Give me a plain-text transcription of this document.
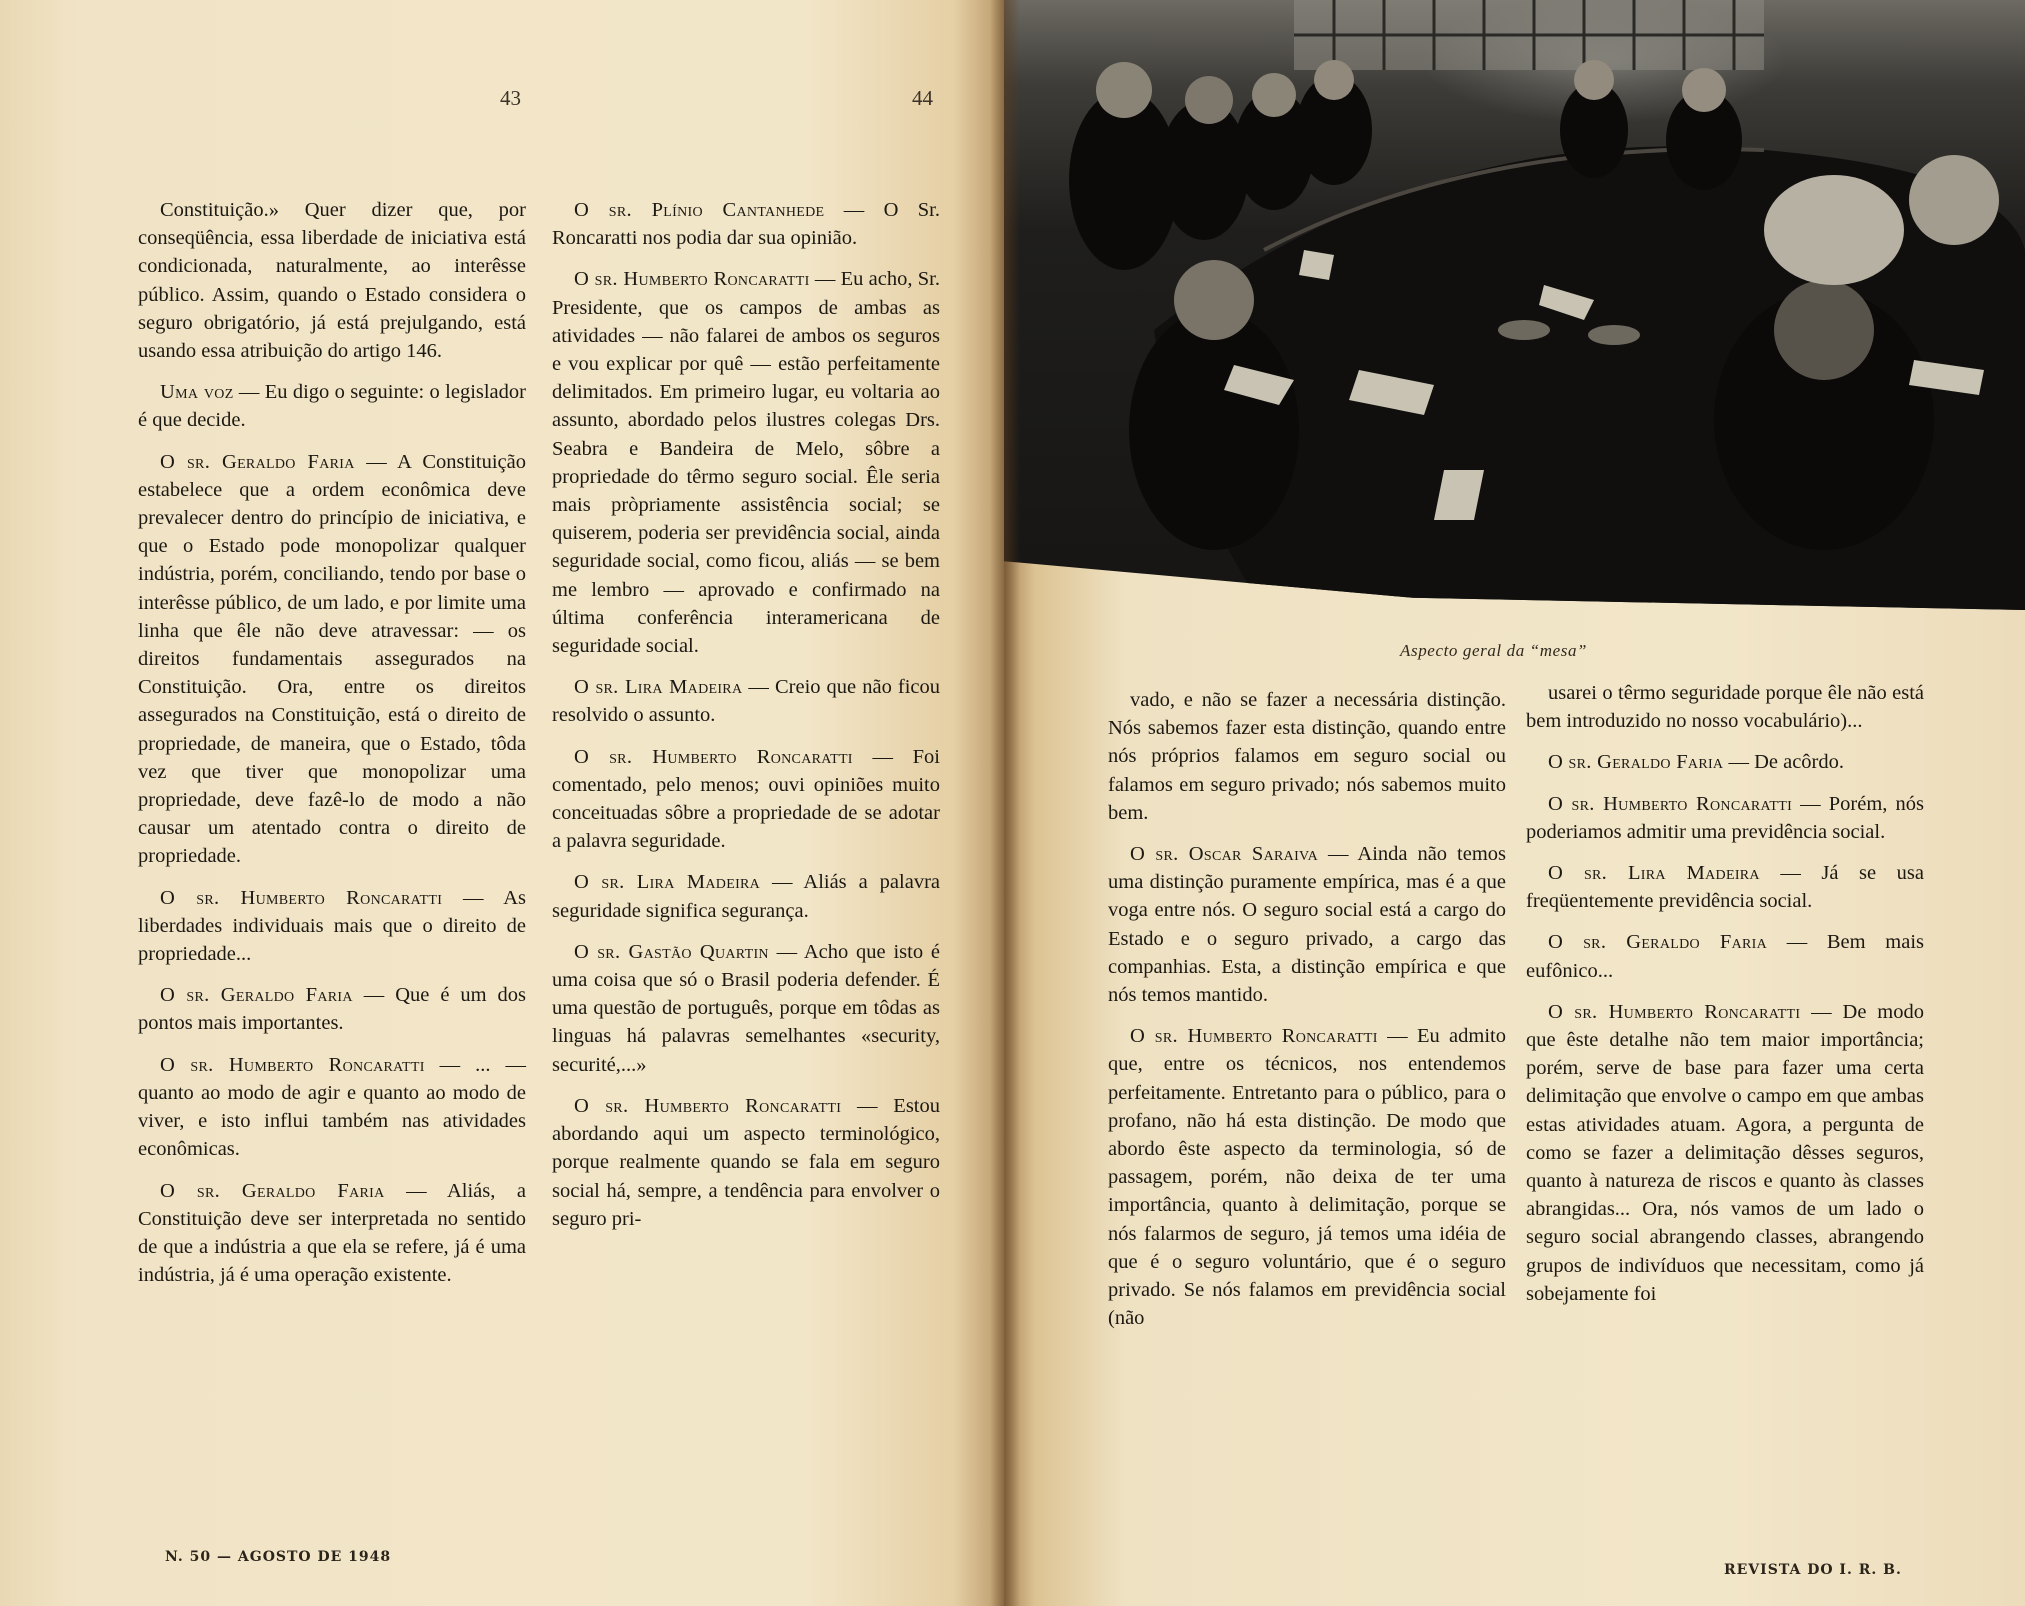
43

Constituição.» Quer dizer que, por conseqüência, essa liberdade de iniciativa está condicionada, naturalmente, ao interêsse público. Assim, quando o Estado considera o seguro obrigatório, já está prejulgando, está usando essa atribuição do artigo 146.

Uma voz — Eu digo o seguinte: o legislador é que decide.

O sr. Geraldo Faria — A Constituição estabelece que a ordem econômica deve prevalecer dentro do princípio de iniciativa, e que o Estado pode monopolizar qualquer indústria, porém, conciliando, tendo por base o interêsse público, de um lado, e por limite uma linha que êle não deve atravessar: — os direitos fundamentais assegurados na Constituição. Ora, entre os direitos assegurados na Constituição, está o direito de propriedade, de maneira, que o Estado, tôda vez que tiver que monopolizar uma propriedade, deve fazê-lo de modo a não causar um atentado contra o direito de propriedade.

O sr. Humberto Roncaratti — As liberdades individuais mais que o direito de propriedade...

O sr. Geraldo Faria — Que é um dos pontos mais importantes.

O sr. Humberto Roncaratti — ... — quanto ao modo de agir e quanto ao modo de viver, e isto influi também nas atividades econômicas.

O sr. Geraldo Faria — Aliás, a Constituição deve ser interpretada no sentido de que a indústria a que ela se refere, já é uma indústria, já é uma operação existente.

N. 50 — AGOSTO DE 1948

O sr. Plínio Cantanhede — O Sr. Roncaratti nos podia dar sua opinião.

O sr. Humberto Roncaratti — Eu acho, Sr. Presidente, que os campos de ambas as atividades — não falarei de ambos os seguros e vou explicar por quê — estão perfeitamente delimitados. Em primeiro lugar, eu voltaria ao assunto, abordado pelos ilustres colegas Drs. Seabra e Bandeira de Melo, sôbre a propriedade do têrmo seguro social. Êle seria mais pròpriamente assistência social; se quiserem, poderia ser previdência social, ainda seguridade social, como ficou, aliás — se bem me lembro — aprovado e confirmado na última conferência interamericana de seguridade social.

O sr. Lira Madeira — Creio que não ficou resolvido o assunto.

O sr. Humberto Roncaratti — Foi comentado, pelo menos; ouvi opiniões muito conceituadas sôbre a propriedade de se adotar a palavra seguridade.

O sr. Lira Madeira — Aliás a palavra seguridade significa segurança.

O sr. Gastão Quartin — Acho que isto é uma coisa que só o Brasil poderia defender. É uma questão de português, porque em tôdas as linguas há palavras semelhantes «security, securité,...»

O sr. Humberto Roncaratti — Estou abordando aqui um aspecto terminológico, porque realmente quando se fala em seguro social há, sempre, a tendência para envolver o seguro pri-

44
Aspecto geral da “mesa”

vado, e não se fazer a necessária distinção. Nós sabemos fazer esta distinção, quando entre nós próprios falamos em seguro social ou falamos em seguro privado; nós sabemos muito bem.

O sr. Oscar Saraiva — Ainda não temos uma distinção puramente empírica, mas é a que voga entre nós. O seguro social está a cargo do Estado e o seguro privado, a cargo das companhias. Esta, a distinção empírica e que nós temos mantido.

O sr. Humberto Roncaratti — Eu admito que, entre os técnicos, nos entendemos perfeitamente. Entretanto para o público, para o profano, não há esta distinção. De modo que abordo êste aspecto da terminologia, só de passagem, porém, não deixa de ter uma importância, quanto à delimitação, porque se nós falarmos de seguro, já temos uma idéia de que é o seguro voluntário, que é o seguro privado. Se nós falamos em previdência social (não

usarei o têrmo seguridade porque êle não está bem introduzido no nosso vocabulário)...

O sr. Geraldo Faria — De acôrdo.

O sr. Humberto Roncaratti — Porém, nós poderiamos admitir uma previdência social.

O sr. Lira Madeira — Já se usa freqüentemente previdência social.

O sr. Geraldo Faria — Bem mais eufônico...

O sr. Humberto Roncaratti — De modo que êste detalhe não tem maior importância; porém, serve de base para fazer uma certa delimitação que envolve o campo em que ambas estas atividades atuam. Agora, a pergunta de como se fazer a delimitação dêsses seguros, quanto à natureza de riscos e quanto às classes abrangidas... Ora, nós vamos de um lado o seguro social abrangendo classes, abrangendo grupos de indivíduos que necessitam, como já sobejamente foi

REVISTA DO I. R. B.
